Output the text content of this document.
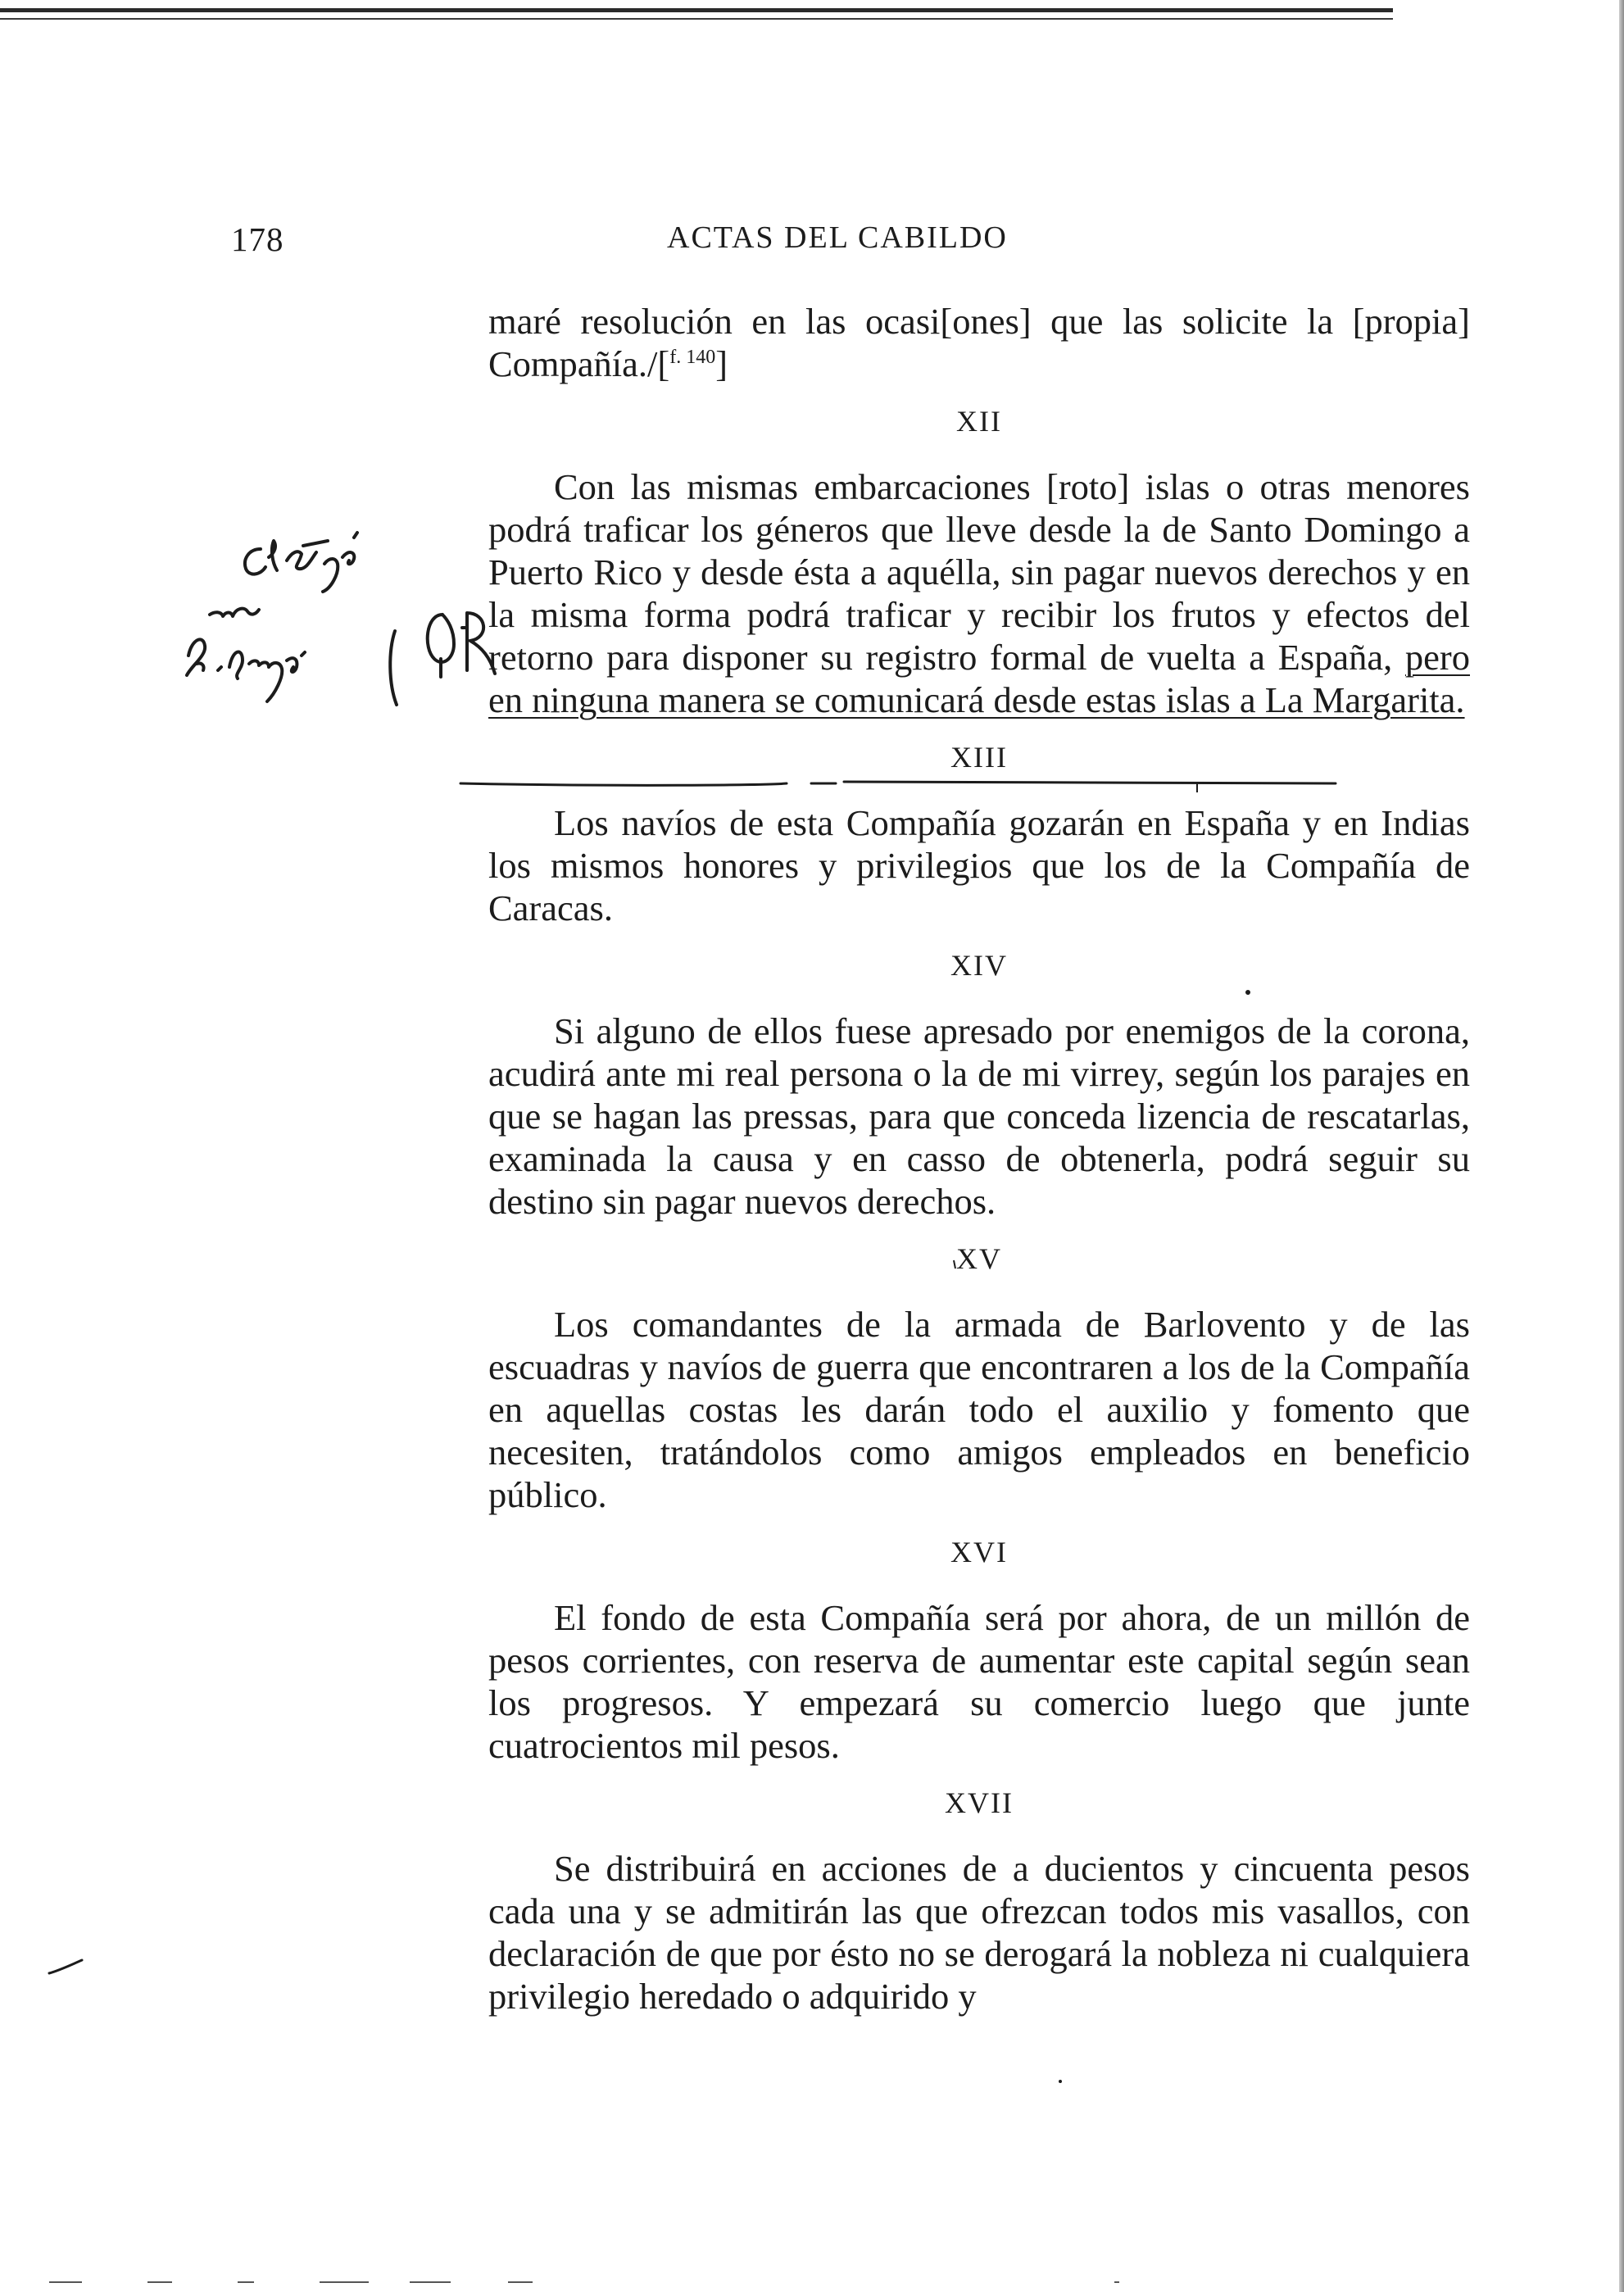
178	ACTAS DEL CABILDO

maré resolución en las ocasi[ones] que las solicite la [propia] Compañía./[$^{f. 140}$]

XII

Con las mismas embarcaciones [roto] islas o otras menores podrá traficar los géneros que lleve desde la de Santo Domingo a Puerto Rico y desde ésta a aquélla, sin pagar nuevos derechos y en la misma forma podrá traficar y recibir los frutos y efectos del retorno para disponer su registro formal de vuelta a España, pero en ninguna manera se comunicará desde estas islas a La Margarita.

XIII

Los navíos de esta Compañía gozarán en España y en Indias los mismos honores y privilegios que los de la Compañía de Caracas.

XIV

Si alguno de ellos fuese apresado por enemigos de la corona, acudirá ante mi real persona o la de mi virrey, según los parajes en que se hagan las pressas, para que conceda lizencia de rescatarlas, examinada la causa y en casso de obtenerla, podrá seguir su destino sin pagar nuevos derechos.

XV

Los comandantes de la armada de Barlovento y de las escuadras y navíos de guerra que encontraren a los de la Compañía en aquellas costas les darán todo el auxilio y fomento que necesiten, tratándolos como amigos empleados en beneficio público.

XVI

El fondo de esta Compañía será por ahora, de un millón de pesos corrientes, con reserva de aumentar este capital según sean los progresos. Y empezará su comercio luego que junte cuatrocientos mil pesos.

XVII

Se distribuirá en acciones de a ducientos y cincuenta pesos cada una y se admitirán las que ofrezcan todos mis vasallos, con declaración de que por ésto no se derogará la nobleza ni cualquiera privilegio heredado o adquirido y
